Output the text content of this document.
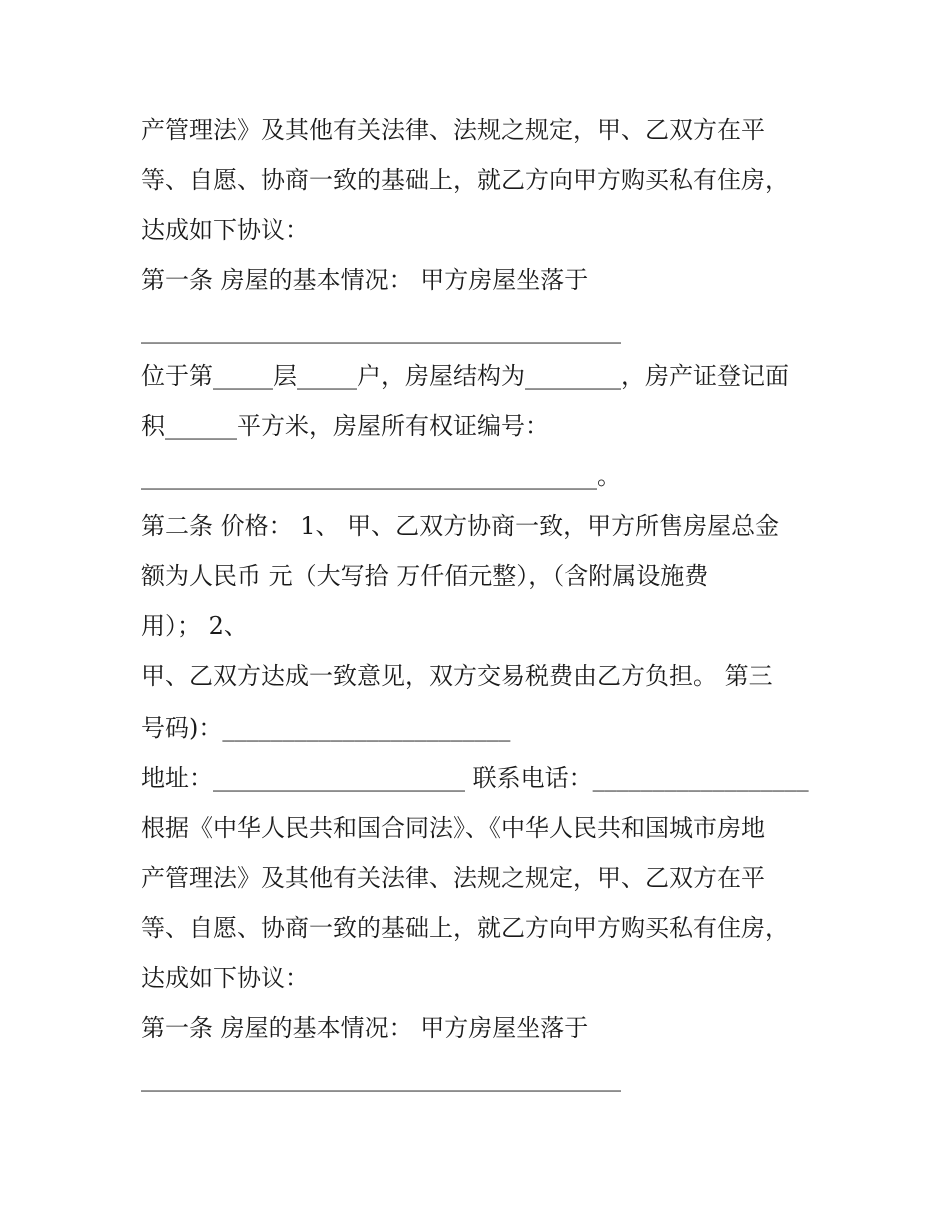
产管理法》及其他有关法律、法规之规定，甲、乙双方在平
等、自愿、协商一致的基础上，就乙方向甲方购买私有住房，
达成如下协议：
第一条 房屋的基本情况： 甲方房屋坐落于
________________________________________
位于第_____层_____户，房屋结构为________，房产证登记面
积______平方米，房屋所有权证编号：
______________________________________。
第二条 价格： 1、 甲、乙双方协商一致，甲方所售房屋总金
额为人民币 元（大写拾 万仟佰元整），（含附属设施费
用）； 2、
甲、乙双方达成一致意见，双方交易税费由乙方负担。 第三
号码)：________________________
地址：_____________________ 联系电话：__________________
根据《中华人民共和国合同法》、《中华人民共和国城市房地
产管理法》及其他有关法律、法规之规定，甲、乙双方在平
等、自愿、协商一致的基础上，就乙方向甲方购买私有住房，
达成如下协议：
第一条 房屋的基本情况： 甲方房屋坐落于
________________________________________
